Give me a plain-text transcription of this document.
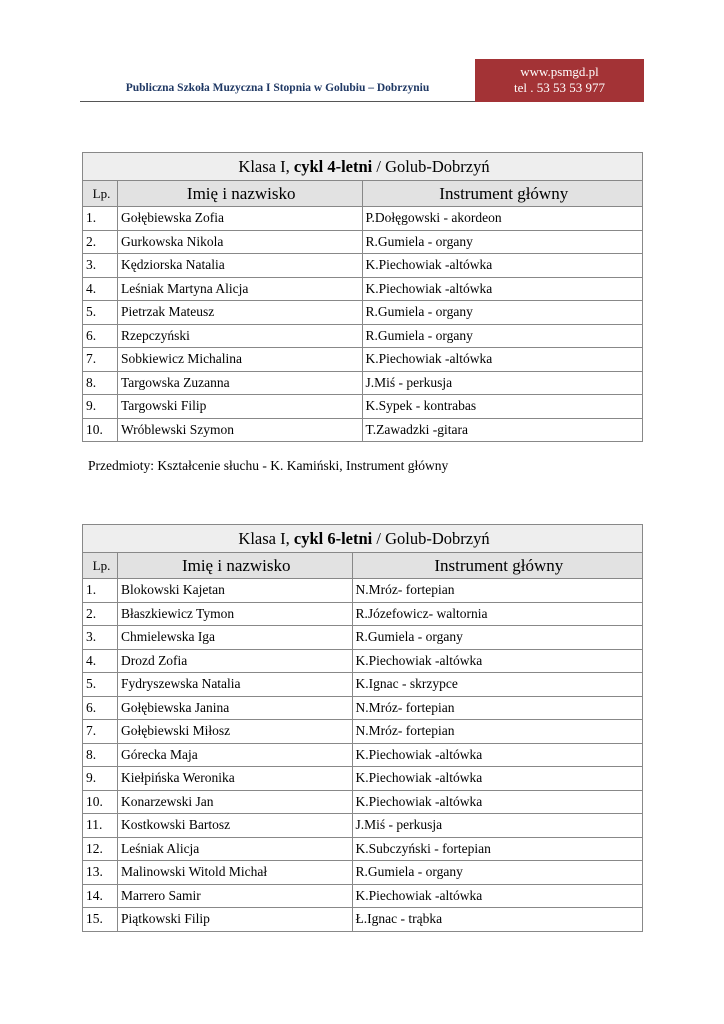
Publiczna Szkoła Muzyczna I Stopnia w Golubiu – Dobrzyniu
www.psmgd.pl
tel . 53 53 53 977
Klasa I, cykl 4-letni / Golub-Dobrzyń		
Lp.	Imię i nazwisko	Instrument główny
1.	Gołębiewska Zofia	P.Dołęgowski - akordeon
2.	Gurkowska Nikola	R.Gumiela - organy
3.	Kędziorska Natalia	K.Piechowiak -altówka
4.	Leśniak Martyna Alicja	K.Piechowiak -altówka
5.	Pietrzak Mateusz	R.Gumiela - organy
6.	Rzepczyński	R.Gumiela - organy
7.	Sobkiewicz Michalina	K.Piechowiak -altówka
8.	Targowska Zuzanna	J.Miś - perkusja
9.	Targowski Filip	K.Sypek - kontrabas
10.	Wróblewski Szymon	T.Zawadzki -gitara
Przedmioty: Kształcenie słuchu - K. Kamiński, Instrument główny
Klasa I, cykl 6-letni / Golub-Dobrzyń		
Lp.	Imię i nazwisko	Instrument główny
1.	Blokowski Kajetan	N.Mróz- fortepian
2.	Błaszkiewicz Tymon	R.Józefowicz- waltornia
3.	Chmielewska Iga	R.Gumiela - organy
4.	Drozd Zofia	K.Piechowiak -altówka
5.	Fydryszewska Natalia	K.Ignac - skrzypce
6.	Gołębiewska Janina	N.Mróz- fortepian
7.	Gołębiewski Miłosz	N.Mróz- fortepian
8.	Górecka Maja	K.Piechowiak -altówka
9.	Kiełpińska Weronika	K.Piechowiak -altówka
10.	Konarzewski Jan	K.Piechowiak -altówka
11.	Kostkowski Bartosz	J.Miś - perkusja
12.	Leśniak Alicja	K.Subczyński - fortepian
13.	Malinowski Witold Michał	R.Gumiela - organy
14.	Marrero Samir	K.Piechowiak -altówka
15.	Piątkowski Filip	Ł.Ignac - trąbka
